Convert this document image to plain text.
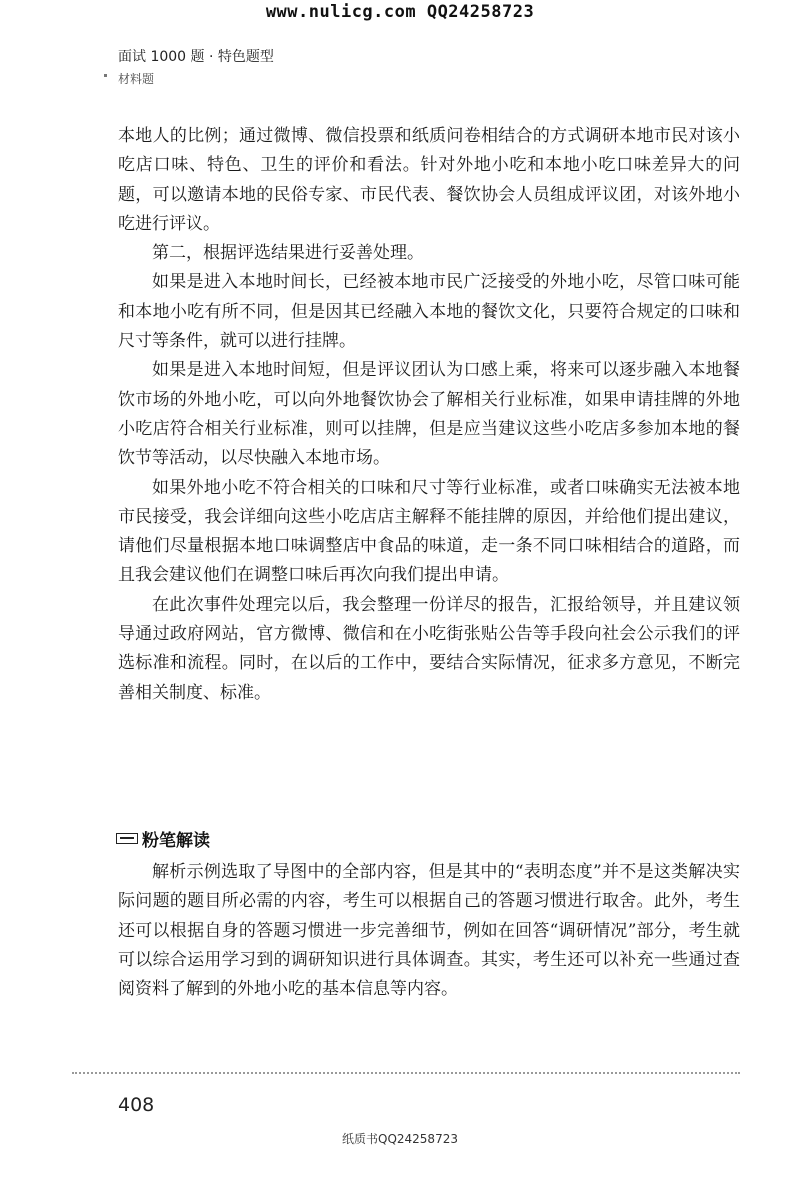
www.nulicg.com QQ24258723
面试 1000 题 · 特色题型
材料题

本地人的比例；通过微博、微信投票和纸质问卷相结合的方式调研本地市民对该小吃店口味、特色、卫生的评价和看法。针对外地小吃和本地小吃口味差异大的问题，可以邀请本地的民俗专家、市民代表、餐饮协会人员组成评议团，对该外地小吃进行评议。

第二，根据评选结果进行妥善处理。

如果是进入本地时间长，已经被本地市民广泛接受的外地小吃，尽管口味可能和本地小吃有所不同，但是因其已经融入本地的餐饮文化，只要符合规定的口味和尺寸等条件，就可以进行挂牌。

如果是进入本地时间短，但是评议团认为口感上乘，将来可以逐步融入本地餐饮市场的外地小吃，可以向外地餐饮协会了解相关行业标准，如果申请挂牌的外地小吃店符合相关行业标准，则可以挂牌，但是应当建议这些小吃店多参加本地的餐饮节等活动，以尽快融入本地市场。

如果外地小吃不符合相关的口味和尺寸等行业标准，或者口味确实无法被本地市民接受，我会详细向这些小吃店店主解释不能挂牌的原因，并给他们提出建议，请他们尽量根据本地口味调整店中食品的味道，走一条不同口味相结合的道路，而且我会建议他们在调整口味后再次向我们提出申请。

在此次事件处理完以后，我会整理一份详尽的报告，汇报给领导，并且建议领导通过政府网站，官方微博、微信和在小吃街张贴公告等手段向社会公示我们的评选标准和流程。同时，在以后的工作中，要结合实际情况，征求多方意见，不断完善相关制度、标准。

粉笔解读

解析示例选取了导图中的全部内容，但是其中的“表明态度”并不是这类解决实际问题的题目所必需的内容，考生可以根据自己的答题习惯进行取舍。此外，考生还可以根据自身的答题习惯进一步完善细节，例如在回答“调研情况”部分，考生就可以综合运用学习到的调研知识进行具体调查。其实，考生还可以补充一些通过查阅资料了解到的外地小吃的基本信息等内容。

408
纸质书QQ24258723
